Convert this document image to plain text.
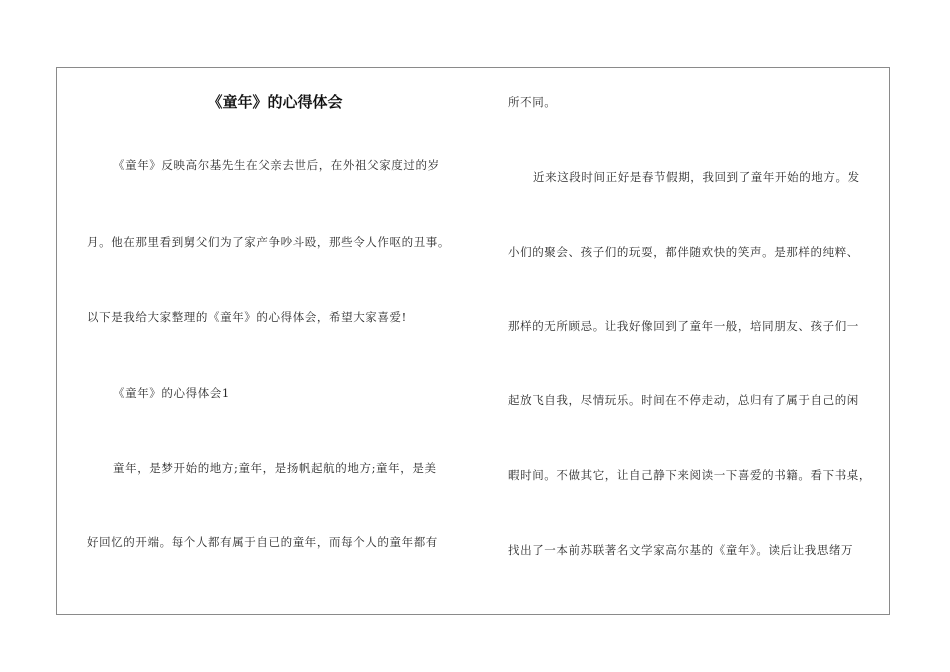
《童年》的心得体会
《童年》反映高尔基先生在父亲去世后，在外祖父家度过的岁
月。他在那里看到舅父们为了家产争吵斗殴，那些令人作呕的丑事。
以下是我给大家整理的《童年》的心得体会，希望大家喜爱!
《童年》的心得体会1
童年，是梦开始的地方;童年，是扬帆起航的地方;童年，是美
好回忆的开端。每个人都有属于自已的童年，而每个人的童年都有
所不同。
近来这段时间正好是春节假期，我回到了童年开始的地方。发
小们的聚会、孩子们的玩耍，都伴随欢快的笑声。是那样的纯粹、
那样的无所顾忌。让我好像回到了童年一般，培同朋友、孩子们一
起放飞自我，尽情玩乐。时间在不停走动，总归有了属于自己的闲
暇时间。不做其它，让自己静下来阅读一下喜爱的书籍。看下书桌，
找出了一本前苏联著名文学家高尔基的《童年》。读后让我思绪万
